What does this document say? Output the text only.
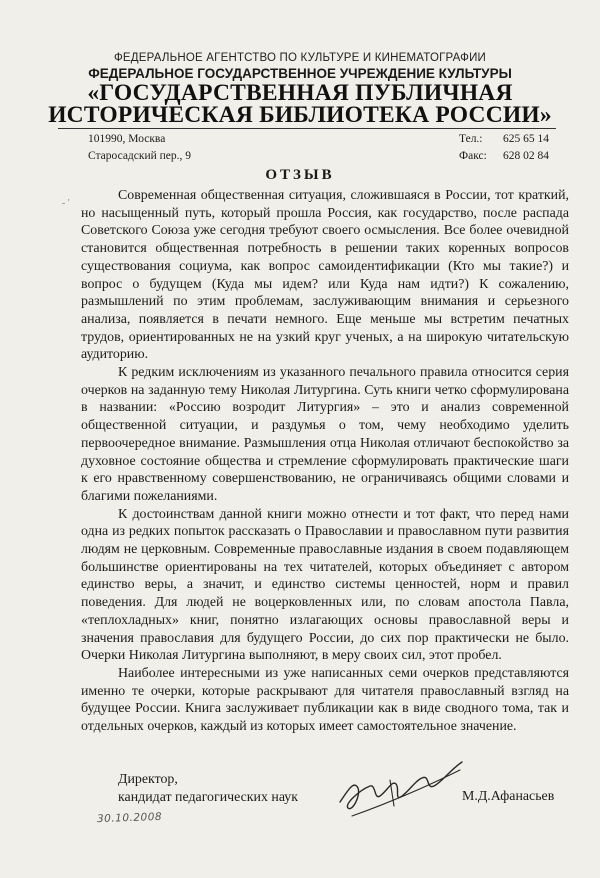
ФЕДЕРАЛЬНОЕ АГЕНТСТВО ПО КУЛЬТУРЕ И КИНЕМАТОГРАФИИ
ФЕДЕРАЛЬНОЕ ГОСУДАРСТВЕННОЕ УЧРЕЖДЕНИЕ КУЛЬТУРЫ
«ГОСУДАРСТВЕННАЯ ПУБЛИЧНАЯ
ИСТОРИЧЕСКАЯ БИБЛИОТЕКА РОССИИ»
101990, Москва
Старосадский пер., 9
Тел.: 625 65 14
Факс: 628 02 84
ОТЗЫВ
- '

Современная общественная ситуация, сложившаяся в России, тот краткий, но насыщенный путь, который прошла Россия, как государство, после распада Советского Союза уже сегодня требуют своего осмысления. Все более очевидной становится общественная потребность в решении таких коренных вопросов существования социума, как вопрос самоидентификации (Кто мы такие?) и вопрос о будущем (Куда мы идем? или Куда нам идти?) К сожалению, размышлений по этим проблемам, заслуживающим внимания и серьезного анализа, появляется в печати немного. Еще меньше мы встретим печатных трудов, ориентированных не на узкий круг ученых, а на широкую читательскую аудиторию.

К редким исключениям из указанного печального правила относится серия очерков на заданную тему Николая Литургина. Суть книги четко сформулирована в названии: «Россию возродит Литургия» – это и анализ современной общественной ситуации, и раздумья о том, чему необходимо уделить первоочередное внимание. Размышления отца Николая отличают беспокойство за духовное состояние общества и стремление сформулировать практические шаги к его нравственному совершенствованию, не ограничиваясь общими словами и благими пожеланиями.

К достоинствам данной книги можно отнести и тот факт, что перед нами одна из редких попыток рассказать о Православии и православном пути развития людям не церковным. Современные православные издания в своем подавляющем большинстве ориентированы на тех читателей, которых объединяет с автором единство веры, а значит, и единство системы ценностей, норм и правил поведения. Для людей не воцерковленных или, по словам апостола Павла, «теплохладных» книг, понятно излагающих основы православной веры и значения православия для будущего России, до сих пор практически не было. Очерки Николая Литургина выполняют, в меру своих сил, этот пробел.

Наиболее интересными из уже написанных семи очерков представляются именно те очерки, которые раскрывают для читателя православный взгляд на будущее России. Книга заслуживает публикации как в виде сводного тома, так и отдельных очерков, каждый из которых имеет самостоятельное значение.

Директор,
кандидат педагогических наук	М.Д.Афанасьев
30.10.2008
